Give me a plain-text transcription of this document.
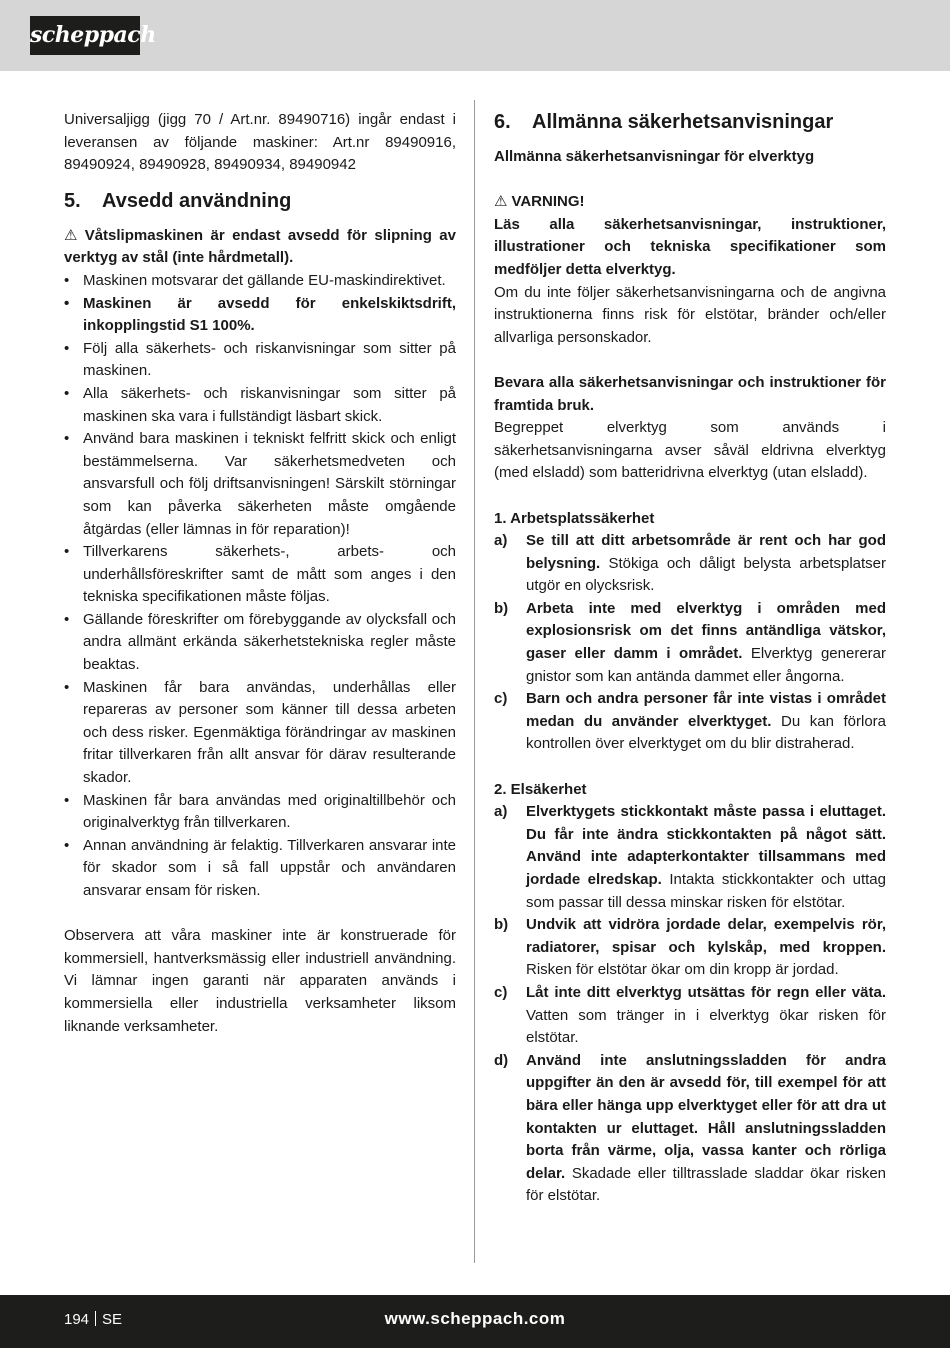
scheppach

Universaljigg (jigg 70 / Art.nr. 89490716) ingår endast i leveransen av följande maskiner: Art.nr 89490916, 89490924, 89490928, 89490934, 89490942

5.	Avsedd användning

⚠ Våtslipmaskinen är endast avsedd för slipning av verktyg av stål (inte hårdmetall).

• Maskinen motsvarar det gällande EU-maskindirektivet.
• Maskinen är avsedd för enkelskiktsdrift, inkopplingstid S1 100%.
• Följ alla säkerhets- och riskanvisningar som sitter på maskinen.
• Alla säkerhets- och riskanvisningar som sitter på maskinen ska vara i fullständigt läsbart skick.
• Använd bara maskinen i tekniskt felfritt skick och enligt bestämmelserna. Var säkerhetsmedveten och ansvarsfull och följ driftsanvisningen! Särskilt störningar som kan påverka säkerheten måste omgående åtgärdas (eller lämnas in för reparation)!
• Tillverkarens säkerhets-, arbets- och underhållsföreskrifter samt de mått som anges i den tekniska specifikationen måste följas.
• Gällande föreskrifter om förebyggande av olycksfall och andra allmänt erkända säkerhetstekniska regler måste beaktas.
• Maskinen får bara användas, underhållas eller repareras av personer som känner till dessa arbeten och dess risker. Egenmäktiga förändringar av maskinen fritar tillverkaren från allt ansvar för därav resulterande skador.
• Maskinen får bara användas med originaltillbehör och originalverktyg från tillverkaren.
• Annan användning är felaktig. Tillverkaren ansvarar inte för skador som i så fall uppstår och användaren ansvarar ensam för risken.

Observera att våra maskiner inte är konstruerade för kommersiell, hantverksmässig eller industriell användning. Vi lämnar ingen garanti när apparaten används i kommersiella eller industriella verksamheter liksom liknande verksamheter.

6.	Allmänna säkerhetsanvisningar
Allmänna säkerhetsanvisningar för elverktyg

⚠ VARNING!

Läs alla säkerhetsanvisningar, instruktioner, illustrationer och tekniska specifikationer som medföljer detta elverktyg.

Om du inte följer säkerhetsanvisningarna och de angivna instruktionerna finns risk för elstötar, bränder och/eller allvarliga personskador.

Bevara alla säkerhetsanvisningar och instruktioner för framtida bruk.

Begreppet elverktyg som används i säkerhetsanvisningarna avser såväl eldrivna elverktyg (med elsladd) som batteridrivna elverktyg (utan elsladd).

1. Arbetsplatssäkerhet
a) Se till att ditt arbetsområde är rent och har god belysning. Stökiga och dåligt belysta arbetsplatser utgör en olycksrisk.
b) Arbeta inte med elverktyg i områden med explosionsrisk om det finns antändliga vätskor, gaser eller damm i området. Elverktyg genererar gnistor som kan antända dammet eller ångorna.
c) Barn och andra personer får inte vistas i området medan du använder elverktyget. Du kan förlora kontrollen över elverktyget om du blir distraherad.
2. Elsäkerhet
a) Elverktygets stickkontakt måste passa i eluttaget. Du får inte ändra stickkontakten på något sätt. Använd inte adapterkontakter tillsammans med jordade elredskap. Intakta stickkontakter och uttag som passar till dessa minskar risken för elstötar.
b) Undvik att vidröra jordade delar, exempelvis rör, radiatorer, spisar och kylskåp, med kroppen. Risken för elstötar ökar om din kropp är jordad.
c) Låt inte ditt elverktyg utsättas för regn eller väta. Vatten som tränger in i elverktyg ökar risken för elstötar.
d) Använd inte anslutningssladden för andra uppgifter än den är avsedd för, till exempel för att bära eller hänga upp elverktyget eller för att dra ut kontakten ur eluttaget. Håll anslutningssladden borta från värme, olja, vassa kanter och rörliga delar. Skadade eller tilltrasslade sladdar ökar risken för elstötar.
194 SE	www.scheppach.com
